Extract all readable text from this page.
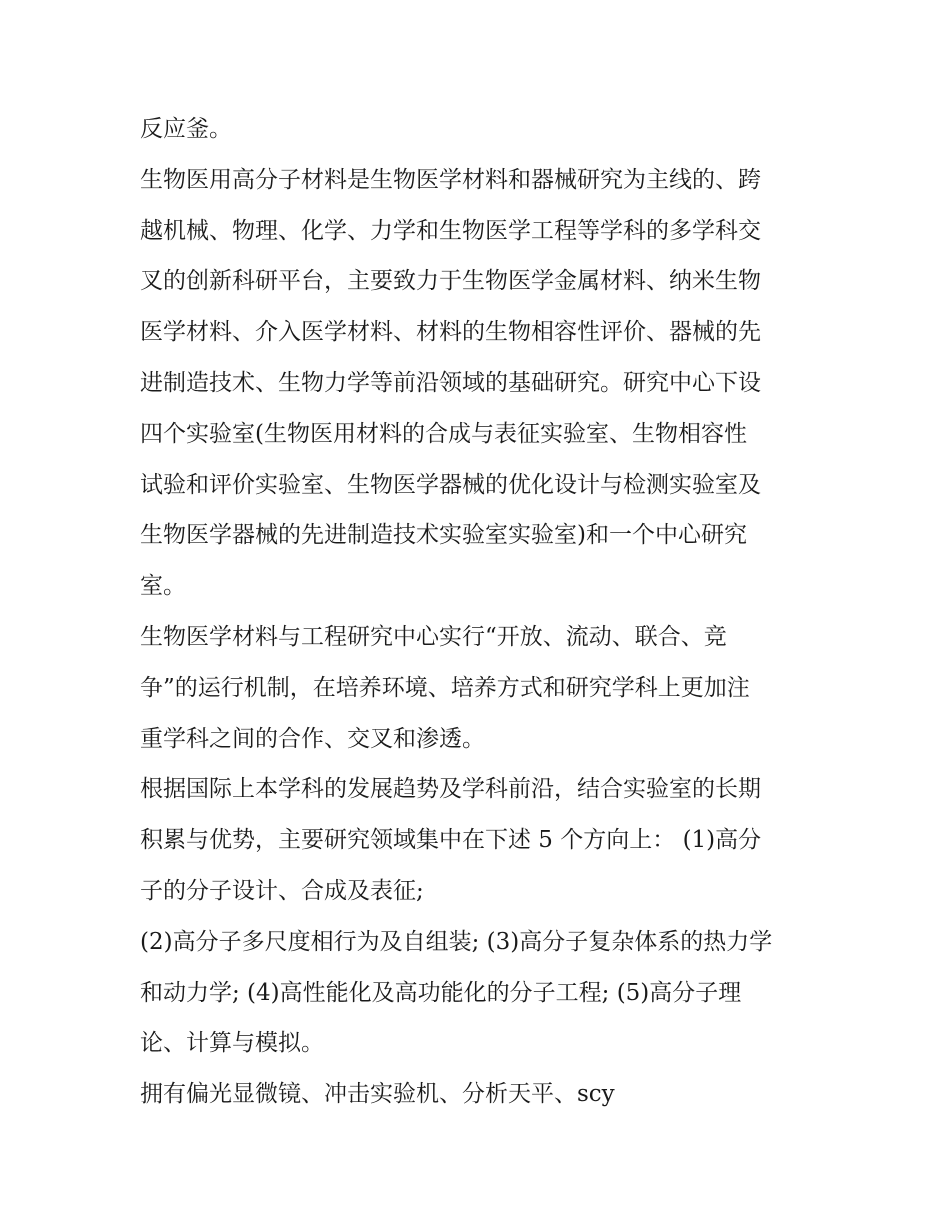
反应釜。
生物医用高分子材料是生物医学材料和器械研究为主线的、跨
越机械、物理、化学、力学和生物医学工程等学科的多学科交
叉的创新科研平台，主要致力于生物医学金属材料、纳米生物
医学材料、介入医学材料、材料的生物相容性评价、器械的先
进制造技术、生物力学等前沿领域的基础研究。研究中心下设
四个实验室(生物医用材料的合成与表征实验室、生物相容性
试验和评价实验室、生物医学器械的优化设计与检测实验室及
生物医学器械的先进制造技术实验室实验室)和一个中心研究
室。
生物医学材料与工程研究中心实行“开放、流动、联合、竞
争”的运行机制，在培养环境、培养方式和研究学科上更加注
重学科之间的合作、交叉和渗透。
根据国际上本学科的发展趋势及学科前沿，结合实验室的长期
积累与优势，主要研究领域集中在下述 5 个方向上： (1)高分
子的分子设计、合成及表征;
(2)高分子多尺度相行为及自组装; (3)高分子复杂体系的热力学
和动力学; (4)高性能化及高功能化的分子工程; (5)高分子理
论、计算与模拟。
拥有偏光显微镜、冲击实验机、分析天平、scy
